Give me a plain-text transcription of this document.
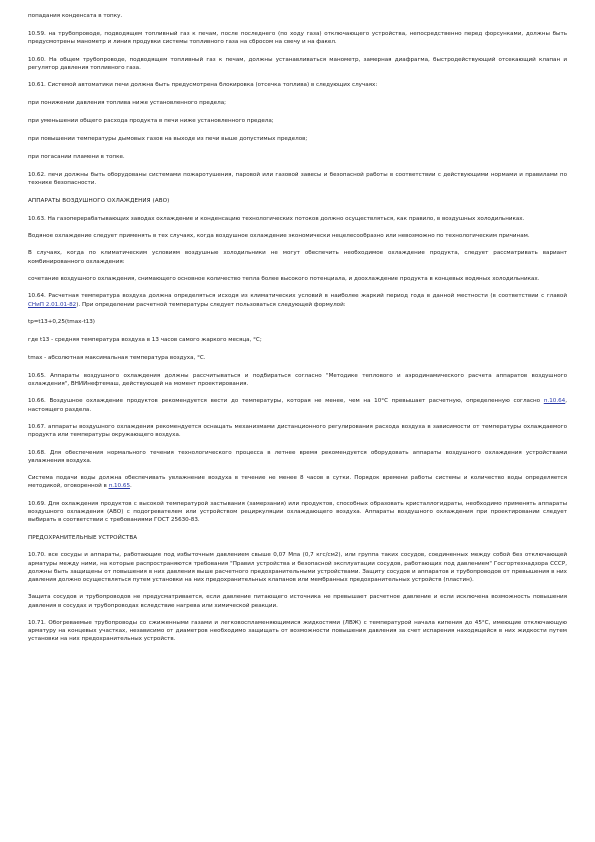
попадания конденсата в топку.

10.59. на трубопроводе, подводящем топливный газ к печам, после последнего (по ходу газа) отключающего устройства, непосредственно перед форсунками, должны быть предусмотрены манометр и линия продувки системы топливного газа на сбросом на свечу и на факел.

10.60. На общем трубопроводе, подводящем топливный газ к печам, должны устанавливаться манометр, замерная диафрагма, быстродействующий отсекающий клапан и регулятор давления топливного газа.

10.61. Системой автоматики печи должна быть предусмотрена блокировка (отсечка топлива) в следующих случаях:

при понижении давления топлива ниже установленного предела;

при уменьшении общего расхода продукта в печи ниже установленного предела;

при повышении температуры дымовых газов на выходе из печи выше допустимых пределов;

при погасании пламени в топке.

10.62. печи должны быть оборудованы системами пожаротушения, паровой или газовой завесы и безопасной работы в соответствии с действующими нормами и правилами по технике безопасности.

АППАРАТЫ ВОЗДУШНОГО ОХЛАЖДЕНИЯ (АВО)

10.63. На газоперерабатывающих заводах охлаждение и конденсацию технологических потоков должно осуществляться, как правило, в воздушных холодильниках.

Водяное охлаждение следует применять в тех случаях, когда воздушное охлаждение экономически нецелесообразно или невозможно по технологическим причинам.

В случаях, когда по климатическим условиям воздушные холодильники не могут обеспечить необходимое охлаждение продукта, следует рассматривать вариант комбинированного охлаждения:

сочетание воздушного охлаждения, снимающего основное количество тепла более высокого потенциала, и доохлаждение продукта в концевых водяных холодильниках.

10.64. Расчетная температура воздуха должна определяться исходя из климатических условий в наиболее жаркий период года в данной местности (в соответствии с главой СНиП 2.01.01-82). При определении расчетной температуры следует пользоваться следующей формулой:

tр=t13+0,25(tmax-t13)

где t13 - средняя температура воздуха в 13 часов самого жаркого месяца, °С;

tmax - абсолютная максимальная температура воздуха, °С.

10.65. Аппараты воздушного охлаждения должны рассчитываться и подбираться согласно "Методике теплового и аэродинамического расчета аппаратов воздушного охлаждения", ВНИИнефтемаш, действующей на момент проектирования.

10.66. Воздушное охлаждение продуктов рекомендуется вести до температуры, которая не менее, чем на 10°С превышает расчетную, определенную согласно п.10.64, настоящего раздела.

10.67. аппараты воздушного охлаждения рекомендуется оснащать механизмами дистанционного регулирования расхода воздуха в зависимости от температуры охлаждаемого продукта или температуры окружающего воздуха.

10.68. Для обеспечения нормального течения технологического процесса в летнее время рекомендуется оборудовать аппараты воздушного охлаждения устройствами увлажнения воздуха.

Система подачи воды должна обеспечивать увлажнение воздуха в течение не менее 8 часов в сутки. Порядок врeмени работы системы и количество воды определяется методикой, оговоренной в п.10.65.

10.69. Для охлаждения продуктов с высокой температурой застывания (замерзания) или продуктов, способных образовать кристаллогидраты, необходимо применять аппараты воздушного охлаждения (АВО) с подогревателем или устройством рециркуляции охлаждающего воздуха. Аппараты воздушного охлаждения при проектировании следует выбирать в соответствии с требованиями ГОСТ 25630-83.

ПРЕДОХРАНИТЕЛЬНЫЕ УСТРОЙСТВА

10.70. все сосуды и аппараты, работающие под избыточным давлением свыше 0,07 Мпа (0,7 кгс/см2), или группа таких сосудов, соединенных между собой без отключающей арматуры между ними, на которые распространяются требования "Правил устройства и безопасной эксплуатации сосудов, работающих под давлением" Госгортехнадзора СССР, должны быть защищены от повышения в них давления выше расчетного предохранительными устройствами. Защиту сосудов и аппаратов и трубопроводов от превышения в них давления должно осуществляться путем установки на них предохранительных клапанов или мембранных предохранительных устройств (пластин).

Защита сосудов и трубопроводов не предусматривается, если давление питающего источника не превышает расчетное давление и если исключена возможность повышения давления в сосудах и трубопроводах вследствие нагрева или химической реакции.

10.71. Обогреваемые трубопроводы со сжиженными газами и легковоспламеняющимися жидкостями (ЛВЖ) с температурой начала кипения до 45°С, имеющие отключающую арматуру на концевых участках, независимо от диаметров необходимо защищать от возможности повышения давления за счет испарения находящейся в них жидкости путем установки на них предохранительных устройств.
